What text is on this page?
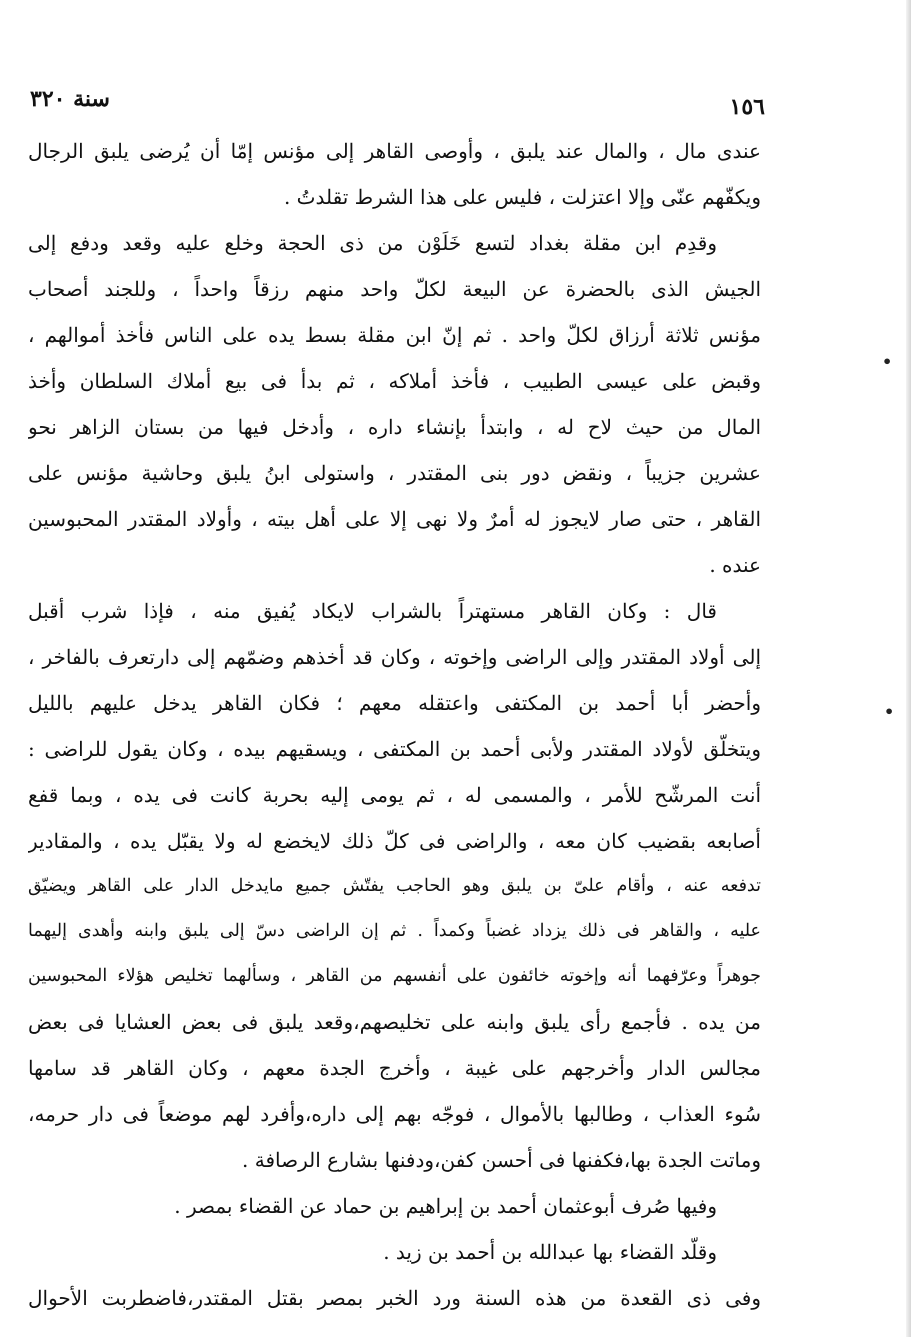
١٥٦
سنة ٣٢٠
عندى مال ، والمال عند يلبق ، وأوصى القاهر إلى مؤنس إمّا أن يُرضى يلبق الرجال
ويكفّهم عنّى وإلا اعتزلت ، فليس على هذا الشرط تقلدتُ .
وقدِم ابن مقلة بغداد لتسع خَلَوْن من ذى الحجة وخلع عليه وقعد ودفع إلى
الجيش الذى بالحضرة عن البيعة لكلّ واحد منهم رزقاً واحداً ، وللجند أصحاب
مؤنس ثلاثة أرزاق لكلّ واحد . ثم إنّ ابن مقلة بسط يده على الناس فأخذ أموالهم ،
وقبض على عيسى الطبيب ، فأخذ أملاكه ، ثم بدأ فى بيع أملاك السلطان وأخذ
المال من حيث لاح له ، وابتدأ بإنشاء داره ، وأدخل فيها من بستان الزاهر نحو
عشرين جزيباً ، ونقض دور بنى المقتدر ، واستولى ابنُ يلبق وحاشية مؤنس على
القاهر ، حتى صار لايجوز له أمرٌ ولا نهى إلا على أهل بيته ، وأولاد المقتدر المحبوسين
عنده .
قال : وكان القاهر مستهتراً بالشراب لايكاد يُفيق منه ، فإذا شرب أقبل
إلى أولاد المقتدر وإلى الراضى وإخوته ، وكان قد أخذهم وضمّهم إلى دارتعرف بالفاخر ،
وأحضر أبا أحمد بن المكتفى واعتقله معهم ؛ فكان القاهر يدخل عليهم بالليل
ويتخلّق لأولاد المقتدر ولأبى أحمد بن المكتفى ، ويسقيهم بيده ، وكان يقول للراضى :
أنت المرشّح للأمر ، والمسمى له ، ثم يومى إليه بحربة كانت فى يده ، وبما قفع
أصابعه بقضيب كان معه ، والراضى فى كلّ ذلك لايخضع له ولا يقبّل يده ، والمقادير
تدفعه عنه ، وأقام علىّ بن يلبق وهو الحاجب يفتّش جميع مايدخل الدار على القاهر ويضيّق
عليه ، والقاهر فى ذلك يزداد غضباً وكمداً . ثم إن الراضى دسّ إلى يلبق وابنه وأهدى إليهما
جوهراً وعرّفهما أنه وإخوته خائفون على أنفسهم من القاهر ، وسألهما تخليص هؤلاء المحبوسين
من يده . فأجمع رأى يلبق وابنه على تخليصهم،وقعد يلبق فى بعض العشايا فى بعض
مجالس الدار وأخرجهم على غيبة ، وأخرج الجدة معهم ، وكان القاهر قد سامها
سُوء العذاب ، وطالبها بالأموال ، فوجّه بهم إلى داره،وأفرد لهم موضعاً فى دار حرمه،
وماتت الجدة بها،فكفنها فى أحسن كفن،ودفنها بشارع الرصافة .
وفيها صُرف أبوعثمان أحمد بن إبراهيم بن حماد عن القضاء بمصر .
وقلّد القضاء بها عبدالله بن أحمد بن زيد .
وفى ذى القعدة من هذه السنة ورد الخبر بمصر بقتل المقتدر،فاضطربت الأحوال
•
•
